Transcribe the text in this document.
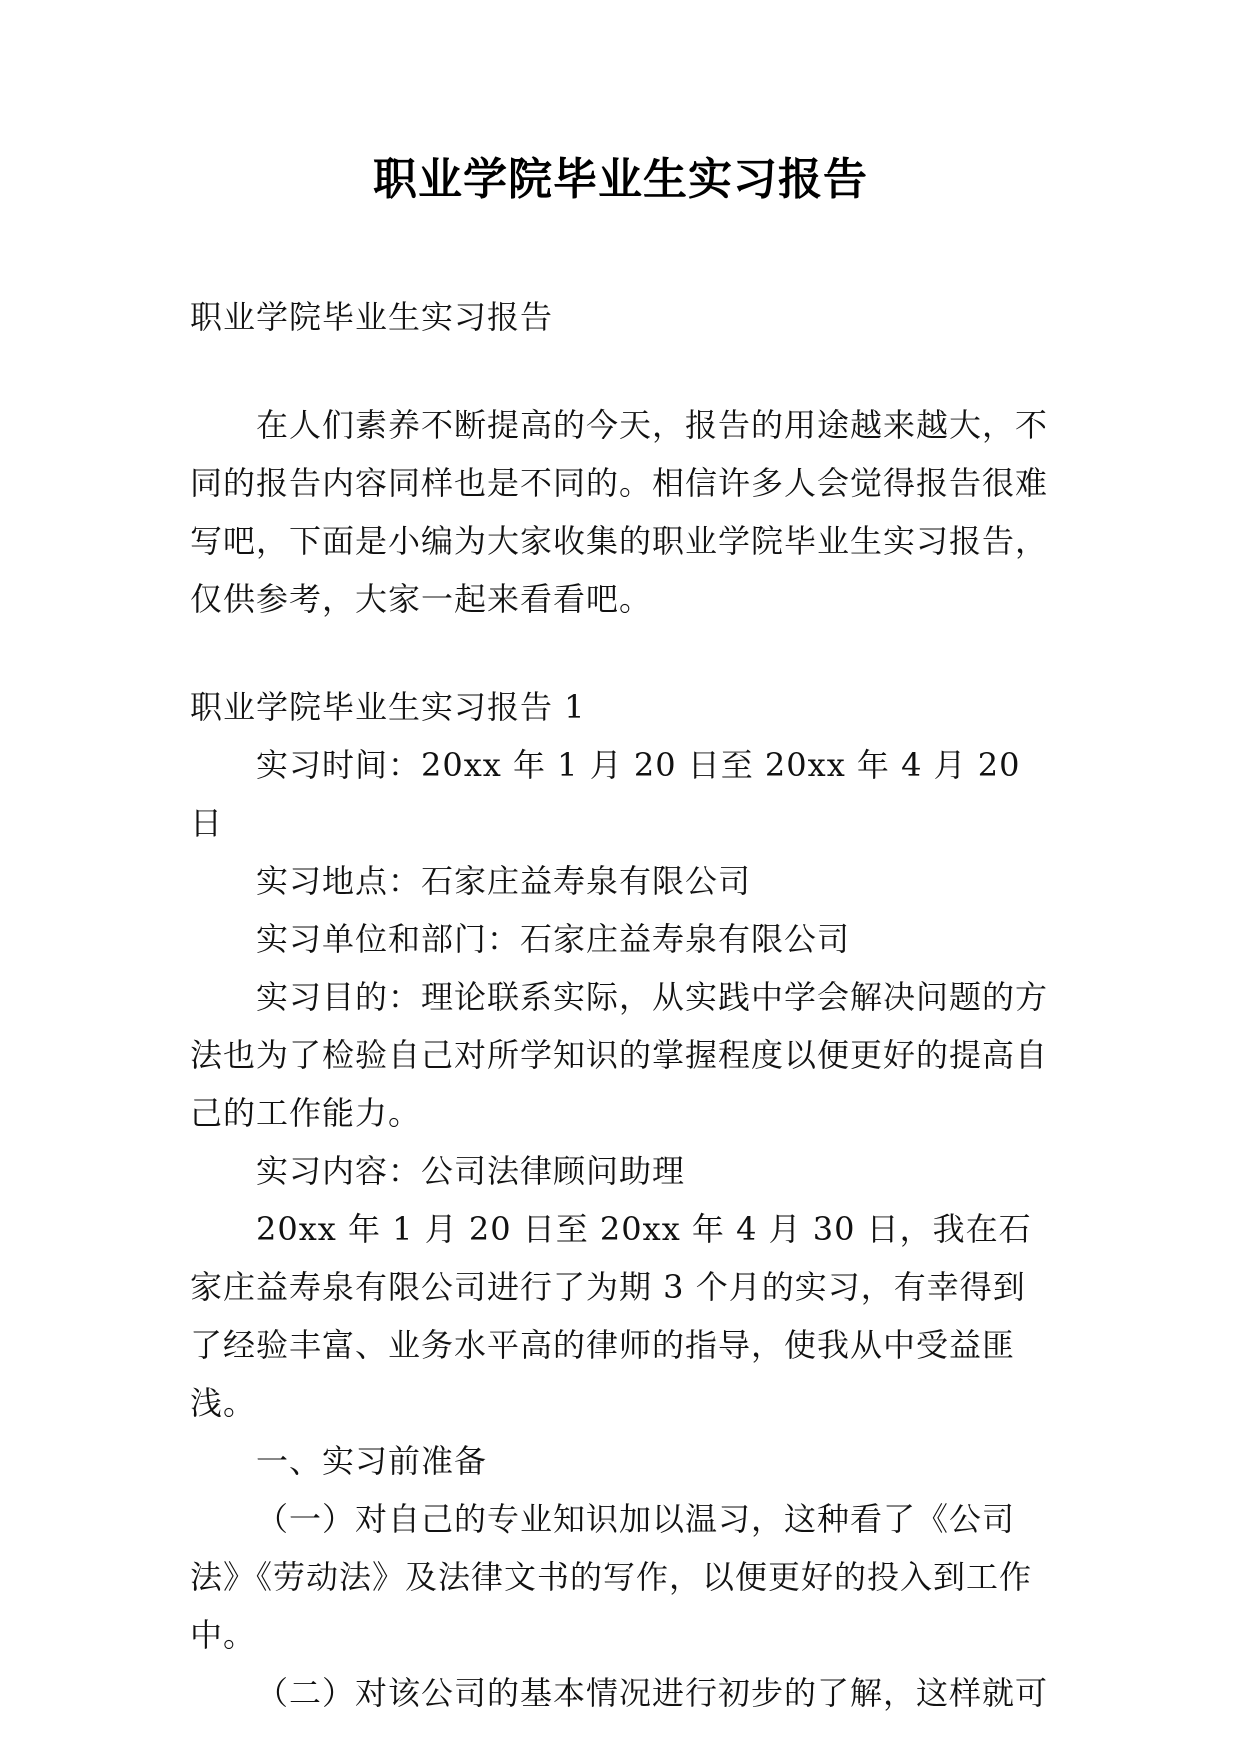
职业学院毕业生实习报告

职业学院毕业生实习报告

在人们素养不断提高的今天，报告的用途越来越大，不同的报告内容同样也是不同的。相信许多人会觉得报告很难写吧，下面是小编为大家收集的职业学院毕业生实习报告，仅供参考，大家一起来看看吧。

职业学院毕业生实习报告 1

实习时间：20xx 年 1 月 20 日至 20xx 年 4 月 20 日

实习地点：石家庄益寿泉有限公司

实习单位和部门：石家庄益寿泉有限公司

实习目的：理论联系实际，从实践中学会解决问题的方法也为了检验自己对所学知识的掌握程度以便更好的提高自己的工作能力。

实习内容：公司法律顾问助理

20xx 年 1 月 20 日至 20xx 年 4 月 30 日，我在石家庄益寿泉有限公司进行了为期 3 个月的实习，有幸得到了经验丰富、业务水平高的律师的指导，使我从中受益匪浅。

一、实习前准备

（一）对自己的专业知识加以温习，这种看了《公司法》《劳动法》及法律文书的写作，以便更好的投入到工作中。

（二）对该公司的基本情况进行初步的了解，这样就可
